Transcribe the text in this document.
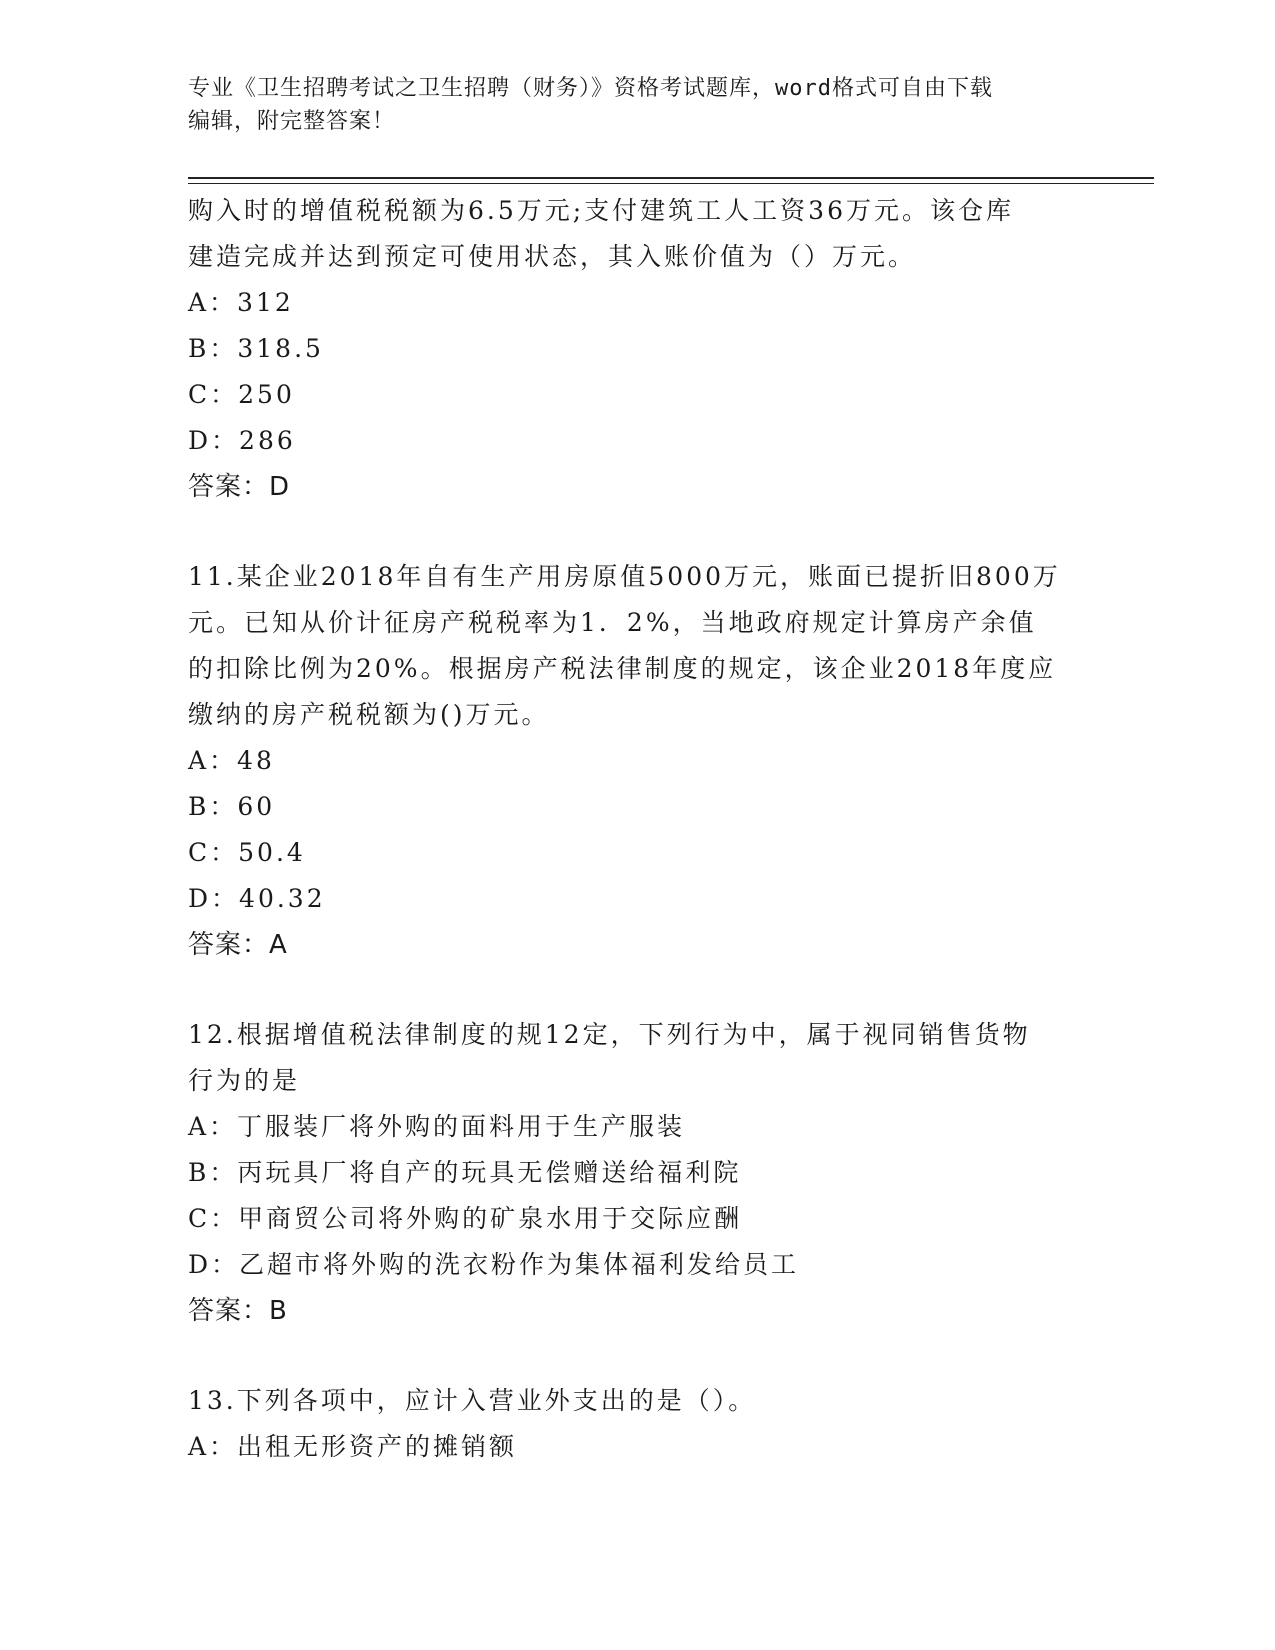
专业《卫生招聘考试之卫生招聘（财务）》资格考试题库，word格式可自由下载
编辑，附完整答案！
购入时的增值税税额为6.5万元;支付建筑工人工资36万元。该仓库
建造完成并达到预定可使用状态，其入账价值为（）万元。
A：312
B：318.5
C：250
D：286
答案：D
11.某企业2018年自有生产用房原值5000万元，账面已提折旧800万
元。已知从价计征房产税税率为1．2%，当地政府规定计算房产余值
的扣除比例为20%。根据房产税法律制度的规定，该企业2018年度应
缴纳的房产税税额为()万元。
A：48
B：60
C：50.4
D：40.32
答案：A
12.根据增值税法律制度的规12定，下列行为中，属于视同销售货物
行为的是
A：丁服装厂将外购的面料用于生产服装
B：丙玩具厂将自产的玩具无偿赠送给福利院
C：甲商贸公司将外购的矿泉水用于交际应酬
D：乙超市将外购的洗衣粉作为集体福利发给员工
答案：B
13.下列各项中，应计入营业外支出的是（）。
A：出租无形资产的摊销额
